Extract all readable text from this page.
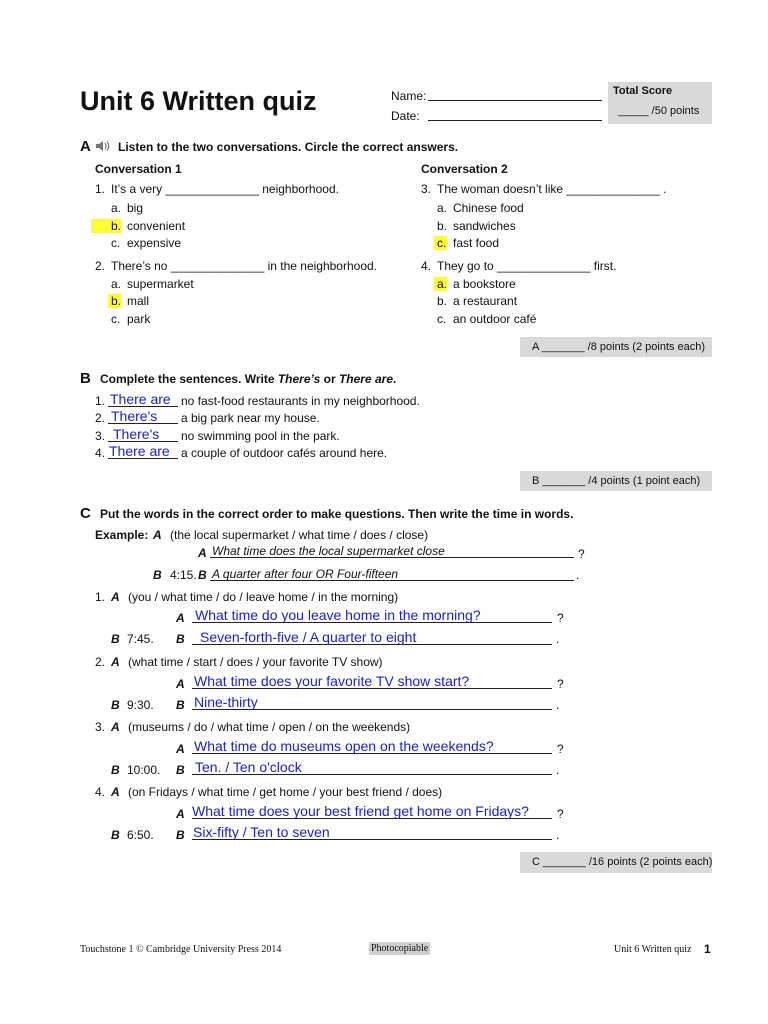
Unit 6 Written quiz	Name:
Date:
Total Score
_____ /50 points
A Listen to the two conversations. Circle the correct answers.
Conversation 1	Conversation 2
1. It’s a very ______________ neighborhood.
a. big
b. convenient
c. expensive
2. There’s no ______________ in the neighborhood.
a. supermarket
b. mall
c. park
3. The woman doesn’t like ______________ .
a. Chinese food
b. sandwiches
c. fast food
4. They go to ______________ first.
a. a bookstore
b. a restaurant
c. an outdoor café
A _______ /8 points (2 points each)
B Complete the sentences. Write There’s or There are.
1. There are no fast-food restaurants in my neighborhood.
2. There's a big park near my house.
3. There's no swimming pool in the park.
4. There are a couple of outdoor cafés around here.
B _______ /4 points (1 point each)
C Put the words in the correct order to make questions. Then write the time in words.
Example: A (the local supermarket / what time / does / close)
A What time does the local supermarket close	?
B 4:15. B A quarter after four OR Four-fifteen	.
1. A (you / what time / do / leave home / in the morning)
A What time do you leave home in the morning?	?
B 7:45. B Seven-forth-five / A quarter to eight	.
2. A (what time / start / does / your favorite TV show)
A What time does your favorite TV show start?	?
B 9:30. B Nine-thirty	.
3. A (museums / do / what time / open / on the weekends)
A What time do museums open on the weekends?	?
B 10:00. B Ten. / Ten o'clock	.
4. A (on Fridays / what time / get home / your best friend / does)
A What time does your best friend get home on Fridays? ?
B 6:50. B Six-fifty / Ten to seven	.
C _______ /16 points (2 points each)
Touchstone 1 © Cambridge University Press 2014	Photocopiable	Unit 6 Written quiz 1
